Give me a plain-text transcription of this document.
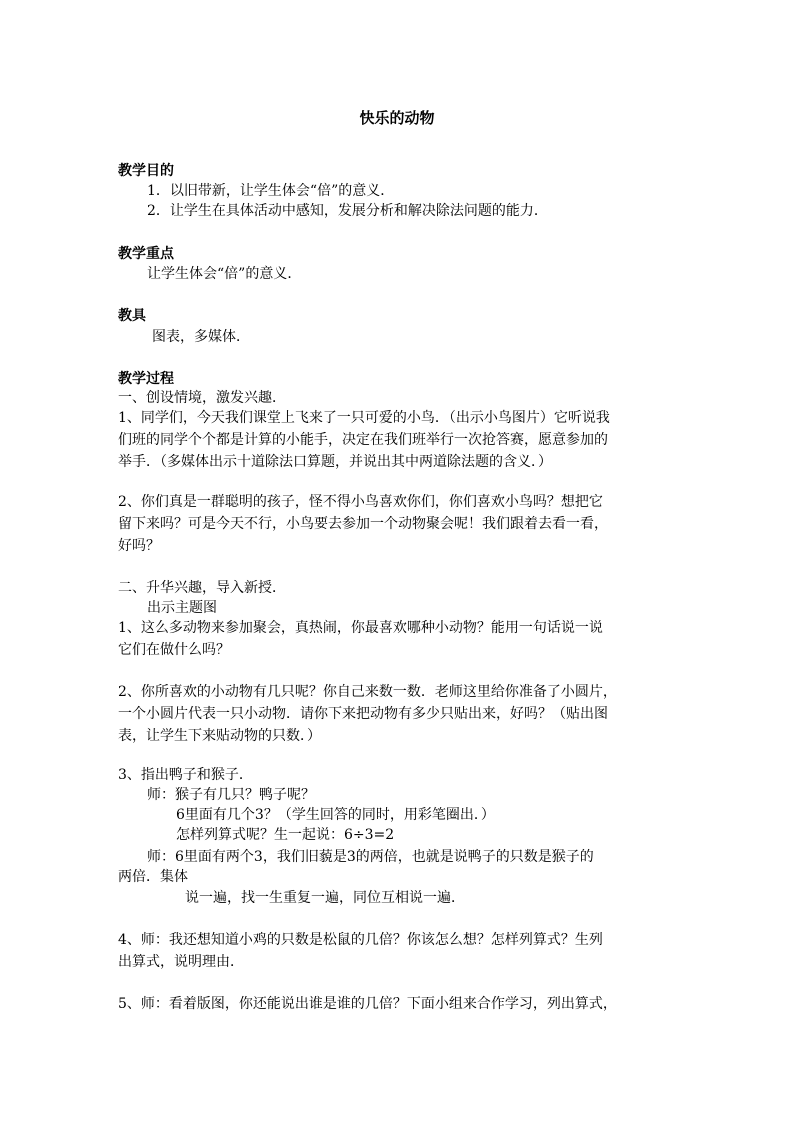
快乐的动物
教学目的
1．以旧带新，让学生体会“倍”的意义．
2．让学生在具体活动中感知，发展分析和解决除法问题的能力．
教学重点
让学生体会“倍”的意义．
教具
图表，多媒体．
教学过程
一、创设情境，激发兴趣．
1、同学们，今天我们课堂上飞来了一只可爱的小鸟．（出示小鸟图片）它听说我
们班的同学个个都是计算的小能手，决定在我们班举行一次抢答赛，愿意参加的
举手．（多媒体出示十道除法口算题，并说出其中两道除法题的含义．）
2、你们真是一群聪明的孩子，怪不得小鸟喜欢你们，你们喜欢小鸟吗？想把它
留下来吗？可是今天不行，小鸟要去参加一个动物聚会呢！我们跟着去看一看，
好吗？
二、升华兴趣，导入新授．
出示主题图
1、这么多动物来参加聚会，真热闹，你最喜欢哪种小动物？能用一句话说一说
它们在做什么吗？
2、你所喜欢的小动物有几只呢？你自己来数一数．老师这里给你准备了小圆片，
一个小圆片代表一只小动物．请你下来把动物有多少只贴出来，好吗？（贴出图
表，让学生下来贴动物的只数．）
3、指出鸭子和猴子．
师：猴子有几只？鸭子呢？
6里面有几个3？（学生回答的同时，用彩笔圈出．）
怎样列算式呢？生一起说：6÷3=2
师：6里面有两个3，我们旧藐是3的两倍，也就是说鸭子的只数是猴子的
两倍．集体
说一遍，找一生重复一遍，同位互相说一遍．
4、师：我还想知道小鸡的只数是松鼠的几倍？你该怎么想？怎样列算式？生列
出算式，说明理由．
5、师：看着版图，你还能说出谁是谁的几倍？下面小组来合作学习，列出算式，
